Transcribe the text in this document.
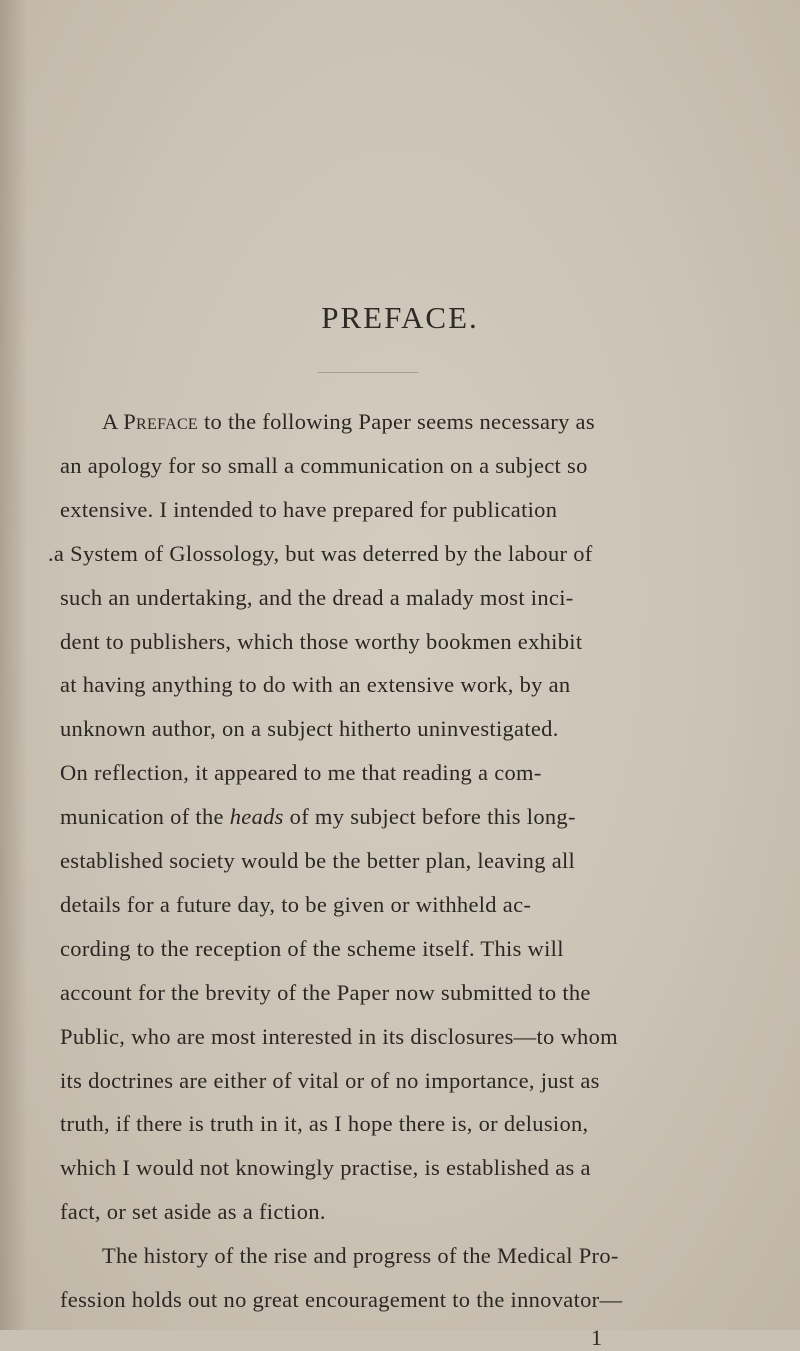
PREFACE.
A Preface to the following Paper seems necessary as
an apology for so small a communication on a subject so
extensive. I intended to have prepared for publication
.a System of Glossology, but was deterred by the labour of
such an undertaking, and the dread a malady most inci-
dent to publishers, which those worthy bookmen exhibit
at having anything to do with an extensive work, by an
unknown author, on a subject hitherto uninvestigated.
On reflection, it appeared to me that reading a com-
munication of the heads of my subject before this long-
established society would be the better plan, leaving all
details for a future day, to be given or withheld ac-
cording to the reception of the scheme itself. This will
account for the brevity of the Paper now submitted to the
Public, who are most interested in its disclosures—to whom
its doctrines are either of vital or of no importance, just as
truth, if there is truth in it, as I hope there is, or delusion,
which I would not knowingly practise, is established as a
fact, or set aside as a fiction.
The history of the rise and progress of the Medical Pro-
fession holds out no great encouragement to the innovator—
1
